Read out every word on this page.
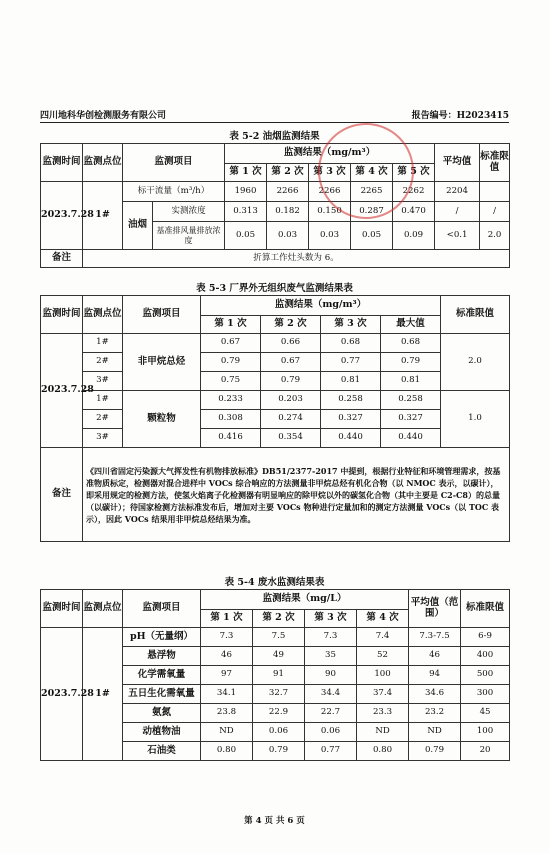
四川地科华创检测服务有限公司	报告编号：H2023415
表 5-2 油烟监测结果
监测时间	监测点位	监测项目		监测结果（mg/m³）					平均值	标准限值
				第 1 次	第 2 次	第 3 次	第 4 次	第 5 次		
2023.7.28	1#	标干流量（m³/h）		1960	2266	2266	2265	2262	2204	
		油烟	实测浓度	0.313	0.182	0.150	0.287	0.470	/	/
			基准排风量排放浓度	0.05	0.03	0.03	0.05	0.09	<0.1	2.0
备注	折算工作灶头数为 6。									
表 5-3 厂界外无组织废气监测结果表
监测时间	监测点位	监测项目	监测结果（mg/m³）				标准限值
			第 1 次	第 2 次	第 3 次	最大值	
2023.7.28	1#	非甲烷总烃	0.67	0.66	0.68	0.68	2.0
	2#		0.79	0.67	0.77	0.79	
	3#		0.75	0.79	0.81	0.81	
	1#	颗粒物	0.233	0.203	0.258	0.258	1.0
	2#		0.308	0.274	0.327	0.327	
	3#		0.416	0.354	0.440	0.440	
备注	《四川省固定污染源大气挥发性有机物排放标准》DB51/2377-2017 中提到，根据行业特征和环境管理需求，按基准物质标定，检测器对混合进样中 VOCs 综合响应的方法测量非甲烷总烃有机化合物（以 NMOC 表示，以碳计），即采用规定的检测方法，使氢火焰离子化检测器有明显响应的除甲烷以外的碳氢化合物（其中主要是 C2-C8）的总量（以碳计）；待国家检测方法标准发布后，增加对主要 VOCs 物种进行定量加和的测定方法测量 VOCs（以 TOC 表示），因此 VOCs 结果用非甲烷总烃结果为准。						
表 5-4 废水监测结果表
监测时间	监测点位	监测项目	监测结果（mg/L）				平均值（范围）	标准限值
			第 1 次	第 2 次	第 3 次	第 4 次		
2023.7.28	1#	pH（无量纲）	7.3	7.5	7.3	7.4	7.3-7.5	6-9
		悬浮物	46	49	35	52	46	400
		化学需氧量	97	91	90	100	94	500
		五日生化需氧量	34.1	32.7	34.4	37.4	34.6	300
		氨氮	23.8	22.9	22.7	23.3	23.2	45
		动植物油	ND	0.06	0.06	ND	ND	100
		石油类	0.80	0.79	0.77	0.80	0.79	20
第 4 页 共 6 页
